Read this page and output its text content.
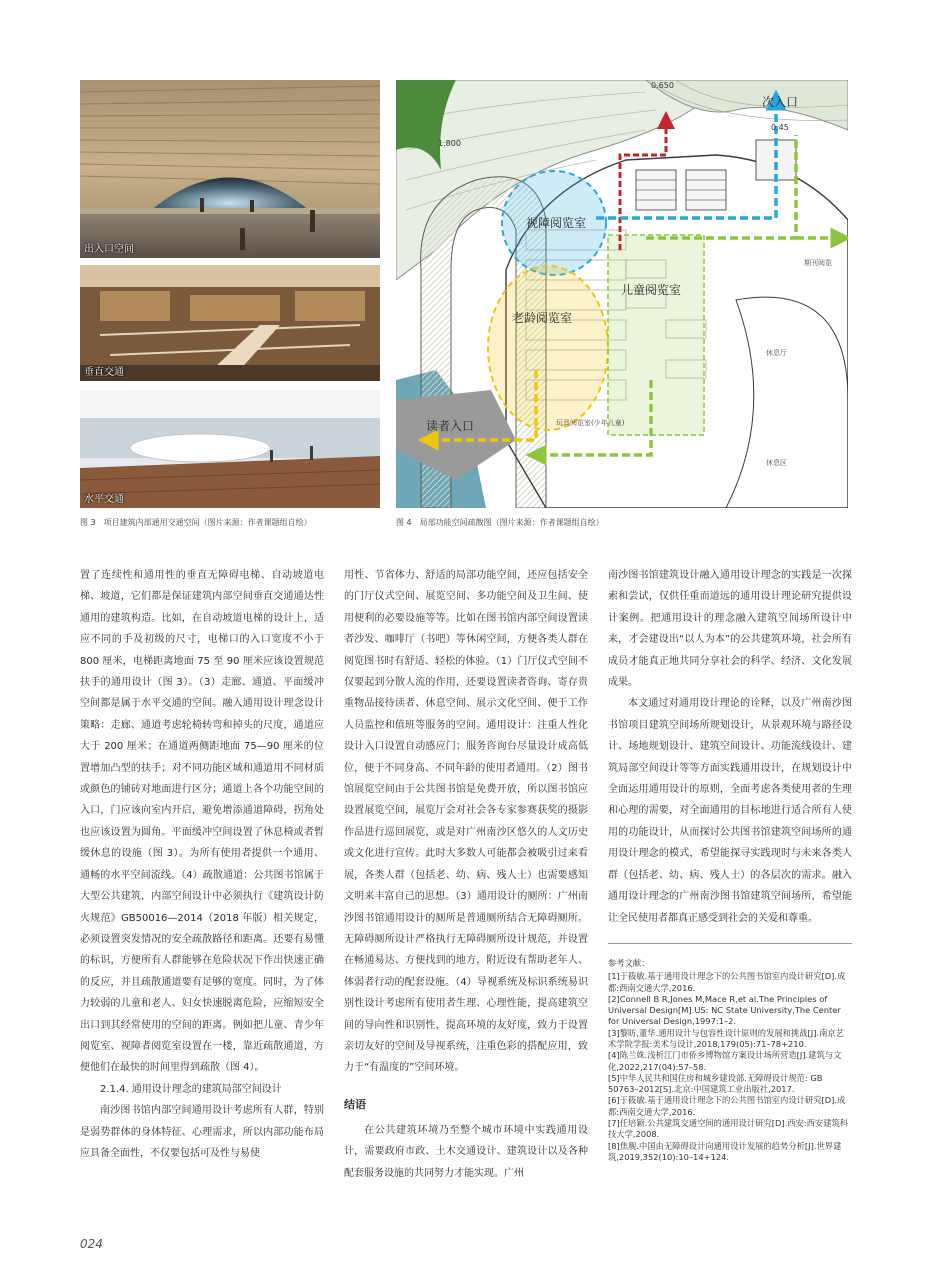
出入口空间
垂直交通
水平交通
0.650
0.45
1.800
次入口
视障阅览室
儿童阅览室
老龄阅览室
读者入口
期刊阅览
休息厅
休息区
玩具阅览室(少年儿童)
图 3　项目建筑内部通用交通空间（图片来源：作者课题组自绘）	图 4　局部功能空间疏散图（图片来源：作者课题组自绘）

置了连续性和通用性的垂直无障碍电梯、自动坡道电梯、坡道，它们都是保证建筑内部空间垂直交通通达性通用的建筑构造。比如，在自动坡道电梯的设计上，适应不同的手及初级的尺寸，电梯口的入口宽度不小于 800 厘米，电梯距离地面 75 至 90 厘米应该设置规范扶手的通用设计（图 3）。（3）走廊、通道、平面缓冲空间都是属于水平交通的空间。融入通用设计理念设计策略：走廊、通道考虑轮椅转弯和掉头的尺度，通道应大于 200 厘米；在通道两侧距地面 75—90 厘米的位置增加凸型的扶手；对不同功能区域和通道用不同材质或颜色的铺砖对地面进行区分；通道上各个功能空间的入口，门应该向室内开启，避免增添通道障碍，拐角处也应该设置为圆角。平面缓冲空间设置了休息椅或者暂缓休息的设施（图 3）。为所有使用者提供一个通用、通畅的水平空间流线。（4）疏散通道：公共图书馆属于大型公共建筑，内部空间设计中必须执行《建筑设计防火规范》GB50016—2014（2018 年版）相关规定，必须设置突发情况的安全疏散路径和距离。还要有易懂的标识，方便所有人群能够在危险状况下作出快速正确的反应，并且疏散通道要有足够的宽度。同时，为了体力较弱的儿童和老人、妇女快速脱离危险，应缩短安全出口到其经常使用的空间的距离。例如把儿童、青少年阅览室、视障者阅览室设置在一楼，靠近疏散通道，方便他们在最快的时间里得到疏散（图 4）。

2.1.4. 通用设计理念的建筑局部空间设计

南沙图书馆内部空间通用设计考虑所有人群，特别是弱势群体的身体特征、心理需求，所以内部功能布局应具备全面性，不仅要包括可及性与易使

用性、节省体力、舒适的局部功能空间，还应包括安全的门厅仪式空间、展览空间、多功能空间及卫生间、使用便利的必要设施等等。比如在图书馆内部空间设置读者沙发、咖啡厅（书吧）等休闲空间，方便各类人群在阅览图书时有舒适、轻松的体验。（1）门厅仪式空间不仅要起到分散人流的作用，还要设置读者咨询、寄存贵重物品接待读者、休息空间、展示文化空间、便于工作人员监控和值班等服务的空间。通用设计：注重人性化设计入口设置自动感应门；服务咨询台尽量设计成高低位，便于不同身高、不同年龄的使用者通用。（2）图书馆展览空间由于公共图书馆是免费开放，所以图书馆应设置展览空间，展览厅会对社会各专家参赛获奖的摄影作品进行巡回展览，或是对广州南沙区悠久的人文历史或文化进行宣传。此时大多数人可能都会被吸引过来看展，各类人群（包括老、幼、病、残人士）也需要感知文明来丰富自己的思想。（3）通用设计的厕所：广州南沙图书馆通用设计的厕所是普通厕所结合无障碍厕所。无障碍厕所设计严格执行无障碍厕所设计规范，并设置在畅通易达、方便找到的地方，附近设有帮助老年人、体弱者行动的配套设施。（4）导视系统及标识系统易识别性设计考虑所有使用者生理、心理性能，提高建筑空间的导向性和识别性，提高环境的友好度，致力于设置亲切友好的空间及导视系统，注重色彩的搭配应用，致力于“有温度的”空间环境。

结语

在公共建筑环境乃至整个城市环境中实践通用设计，需要政府市政、土木交通设计、建筑设计以及各种配套服务设施的共同努力才能实现。广州

南沙图书馆建筑设计融入通用设计理念的实践是一次探索和尝试，仅供任重而道远的通用设计理论研究提供设计案例。把通用设计的理念融入建筑空间场所设计中来，才会建设出“以人为本”的公共建筑环境，社会所有成员才能真正地共同分享社会的科学、经济、文化发展成果。

本文通过对通用设计理论的诠释，以及广州南沙图书馆项目建筑空间场所规划设计，从景观环境与路径设计、场地规划设计、建筑空间设计、功能流线设计、建筑局部空间设计等等方面实践通用设计，在规划设计中全面运用通用设计的原则，全面考虑各类使用者的生理和心理的需要，对全面通用的目标地进行适合所有人使用的功能设计，从而探讨公共图书馆建筑空间场所的通用设计理念的模式，希望能探寻实践现时与未来各类人群（包括老、幼、病、残人士）的各层次的需求。融入通用设计理念的广州南沙图书馆建筑空间场所，希望能让全民使用者都真正感受到社会的关爱和尊重。

参考文献：

[1]于筱敏.基于通用设计理念下的公共图书馆室内设计研究[D].成都:西南交通大学,2016.

[2]Connell B R,Jones M,Mace R,et al.The Principles of Universal Design[M].US: NC State University,The Center for Universal Design,1997:1–2.

[3]黎昉,董华.通用设计与包容性设计原则的发展和挑战[J].南京艺术学院学报:美术与设计,2018,179(05):71–78+210.

[4]陈兰姝.浅析江门市侨乡博物馆方案设计场所营造[J].建筑与文化,2022,217(04):57–58.

[5]中华人民共和国住房和城乡建设部.无障碍设计规范: GB 50763–2012[S].北京:中国建筑工业出版社,2017.

[6]于筱敏.基于通用设计理念下的公共图书馆室内设计研究[D].成都:西南交通大学,2016.

[7]任培颖.公共建筑交通空间的通用设计研究[D].西安:西安建筑科技大学,2008.

[8]焦舰.中国由无障碍设计向通用设计发展的趋势分析[J].世界建筑,2019,352(10):10–14+124.

024
